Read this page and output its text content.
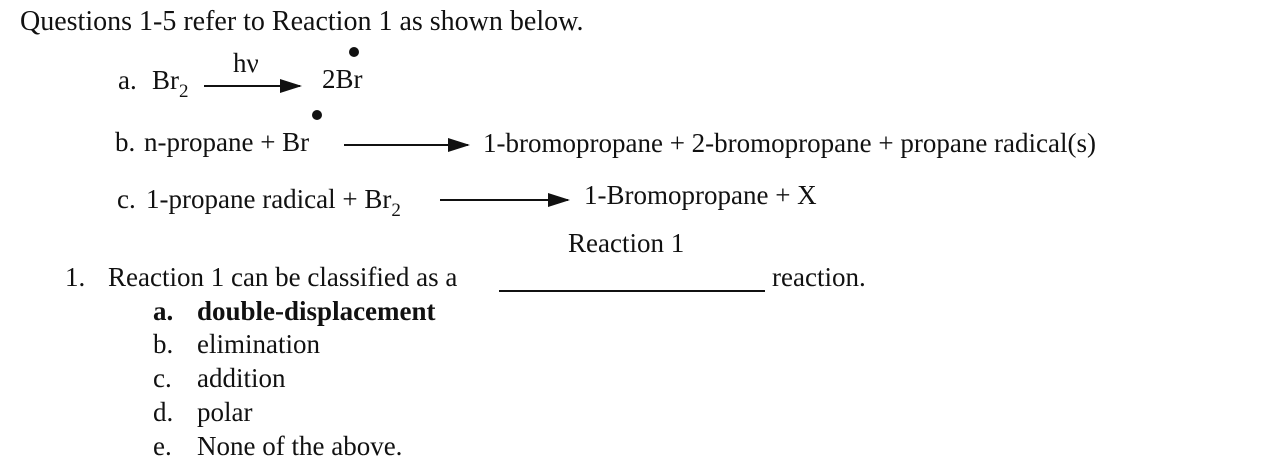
Questions 1-5 refer to Reaction 1 as shown below.
a. $Br_2$
hν
2Br
b. n-propane + Br	1-bromopropane + 2-bromopropane + propane radical(s)
c. 1-propane radical + $Br_2$
1-Bromopropane + X
Reaction 1
1. Reaction 1 can be classified as a	reaction.
a. double-displacement
b. elimination
c. addition
d. polar
e. None of the above.
